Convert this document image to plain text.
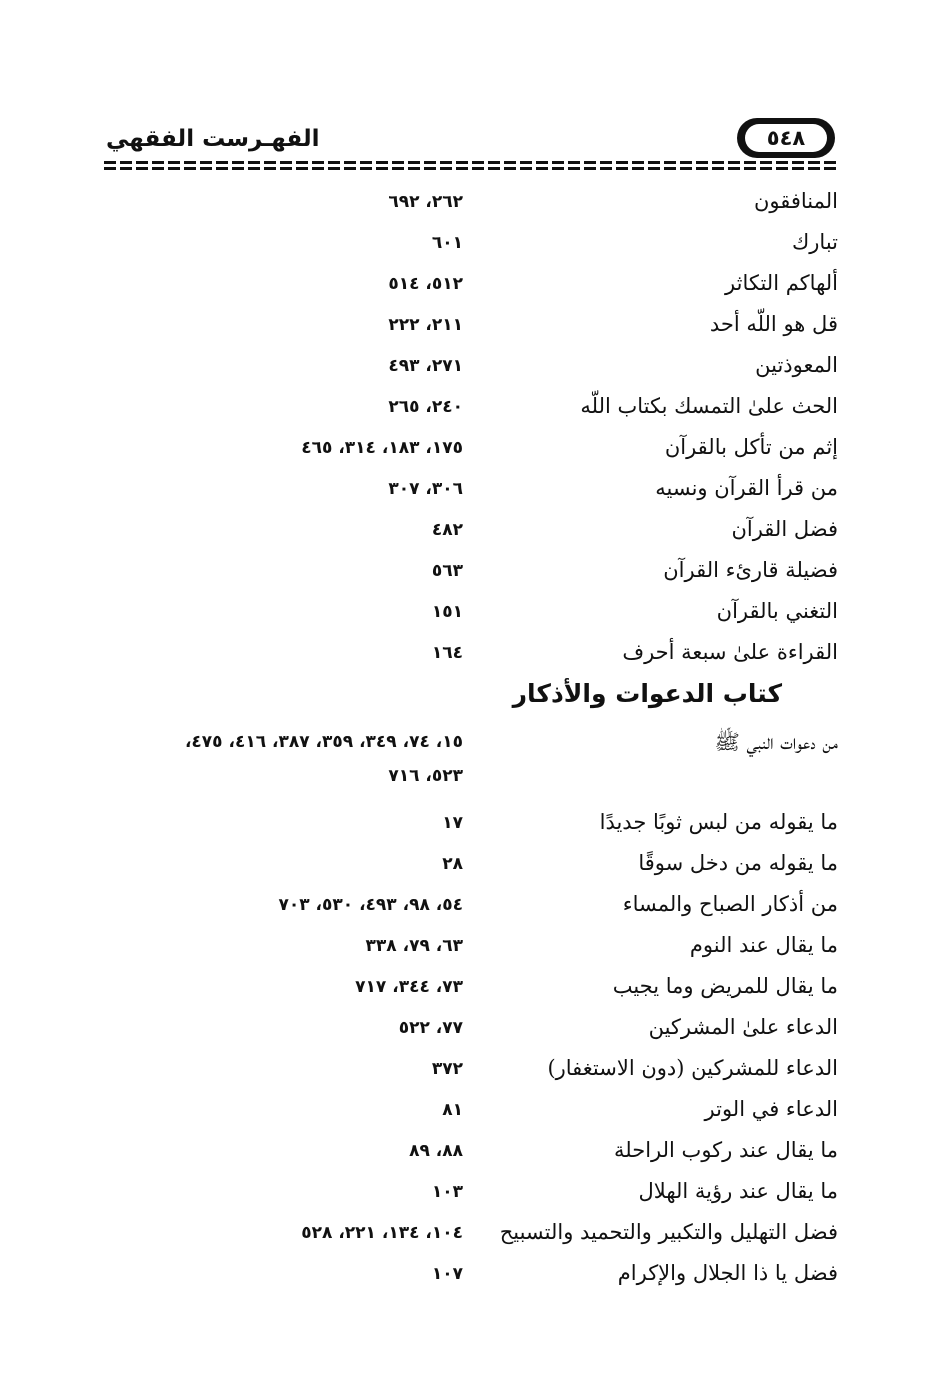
الفهـرست الفقهي	٥٤٨
المنافقون
٢٦٢، ٦٩٢
تبارك
٦٠١
ألهاكم التكاثر
٥١٢، ٥١٤
قل هو اللّه أحد
٢١١، ٢٢٢
المعوذتين
٢٧١، ٤٩٣
الحث علىٰ التمسك بكتاب اللّه
٢٤٠، ٢٦٥
إثم من تأكل بالقرآن
١٧٥، ١٨٣، ٣١٤، ٤٦٥
من قرأ القرآن ونسيه
٣٠٦، ٣٠٧
فضل القرآن
٤٨٢
فضيلة قارئء القرآن
٥٦٣
التغني بالقرآن
١٥١
القراءة علىٰ سبعة أحرف
١٦٤
كتاب الدعوات والأذكار
من دعوات النبي ﷺ
١٥، ٧٤، ٣٤٩، ٣٥٩، ٣٨٧، ٤١٦، ٤٧٥،
٥٢٣، ٧١٦
ما يقوله من لبس ثوبًا جديدًا
١٧
ما يقوله من دخل سوقًا
٢٨
من أذكار الصباح والمساء
٥٤، ٩٨، ٤٩٣، ٥٣٠، ٧٠٣
ما يقال عند النوم
٦٣، ٧٩، ٣٣٨
ما يقال للمريض وما يجيب
٧٣، ٣٤٤، ٧١٧
الدعاء علىٰ المشركين
٧٧، ٥٢٢
الدعاء للمشركين (دون الاستغفار)
٣٧٢
الدعاء في الوتر
٨١
ما يقال عند ركوب الراحلة
٨٨، ٨٩
ما يقال عند رؤية الهلال
١٠٣
فضل التهليل والتكبير والتحميد والتسبيح
١٠٤، ١٣٤، ٢٢١، ٥٢٨
فضل يا ذا الجلال والإكرام
١٠٧
